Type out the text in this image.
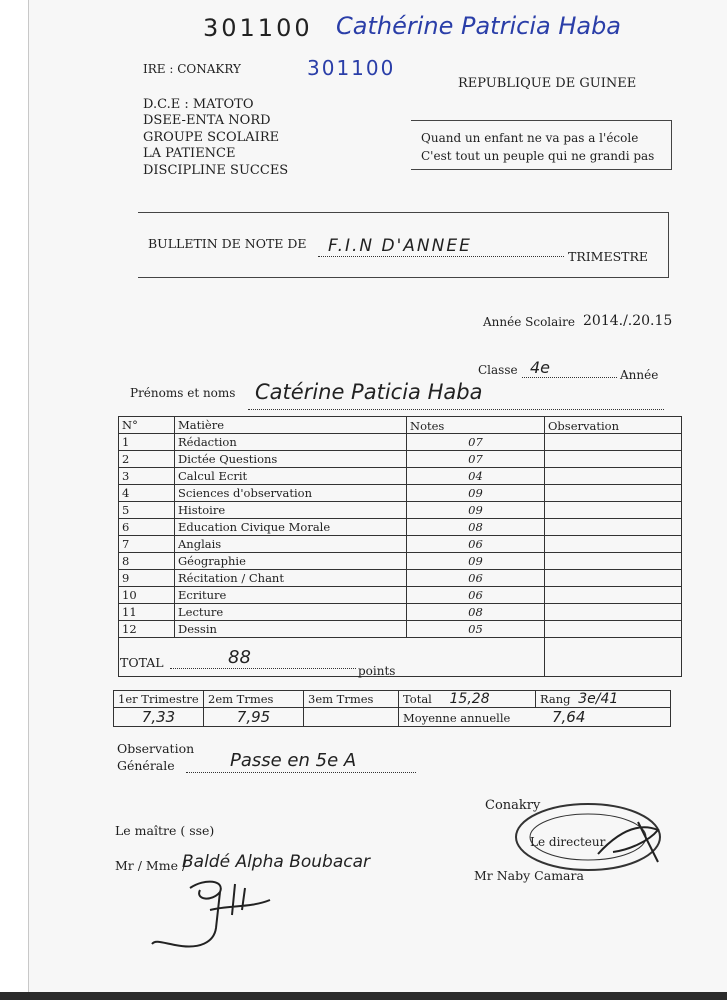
301100 Cathérine Patricia Haba
301100
IRE : CONAKRY
D.C.E : MATOTO
DSEE-ENTA NORD
GROUPE SCOLAIRE
LA PATIENCE
DISCIPLINE SUCCES
REPUBLIQUE DE GUINEE
Quand un enfant ne va pas a l'école
C'est tout un peuple qui ne grandi pas
BULLETIN DE NOTE DE F.I.N D'ANNEE
TRIMESTRE
Année Scolaire 2014./.20.15
Classe 4e	Année
Prénoms et noms Catérine Paticia Haba
N°	Matière	Notes	Observation
1	Rédaction	07	
2	Dictée Questions	07	
3	Calcul Ecrit	04	
4	Sciences d'observation	09	
5	Histoire	09	
6	Education Civique Morale	08	
7	Anglais	06	
8	Géographie	09	
9	Récitation / Chant	06	
10	Ecriture	06	
11	Lecture	08	
12	Dessin	05	

TOTAL	88
points
1er Trimestre	2em Trmes	3em Trmes	Total 15,28	Rang 3e/41
7,33	7,95		Moyenne annuelle 7,64	
Observation
Générale	Passe en 5e A
Conakry
Le maître ( sse)
Mr / Mme /
Baldé Alpha Boubacar
Le directeur
Mr Naby Camara
